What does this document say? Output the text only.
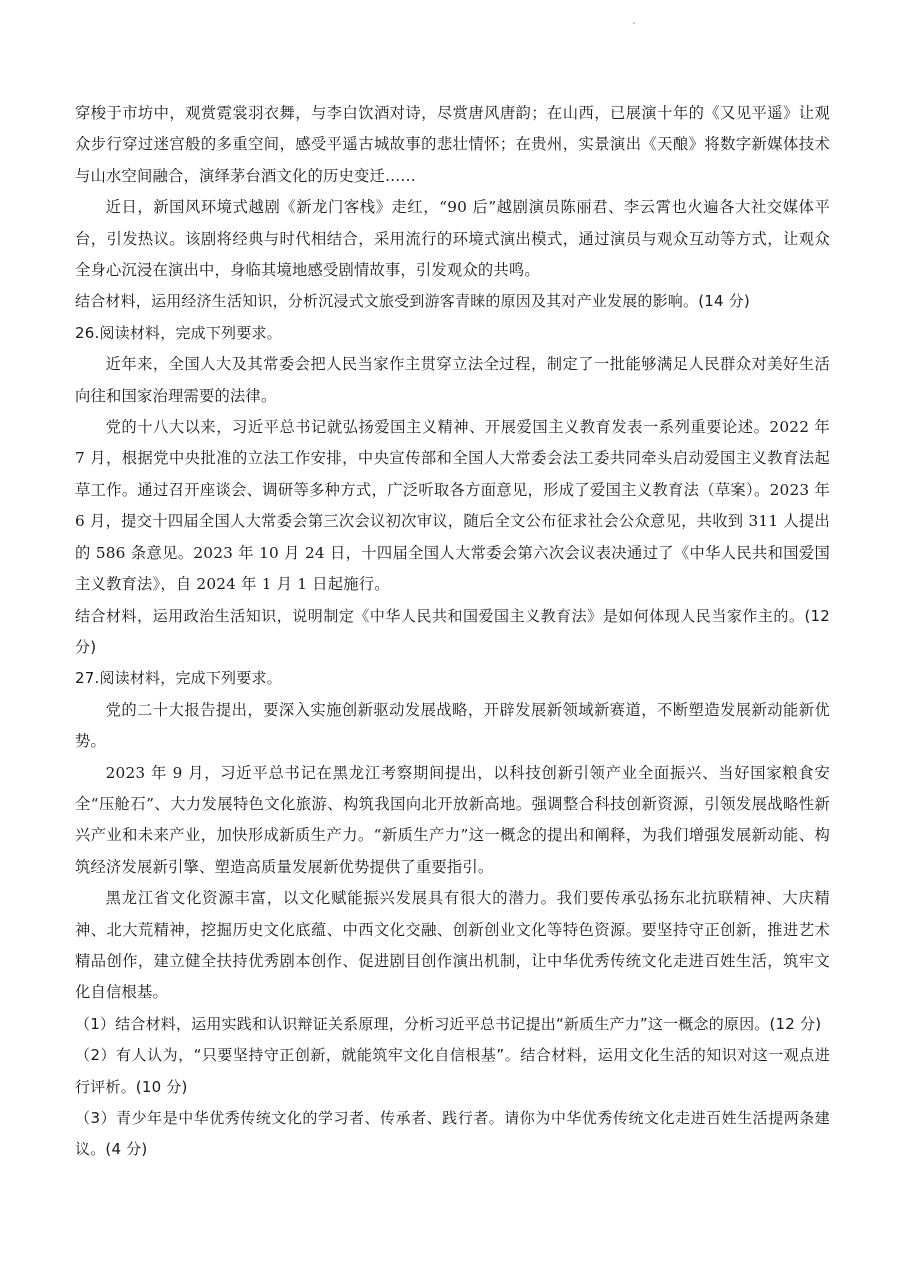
穿梭于市坊中，观赏霓裳羽衣舞，与李白饮酒对诗，尽赏唐风唐韵；在山西，已展演十年的《又见平遥》让观众步行穿过迷宫般的多重空间，感受平遥古城故事的悲壮情怀；在贵州，实景演出《天酿》将数字新媒体技术与山水空间融合，演绎茅台酒文化的历史变迁……

近日，新国风环境式越剧《新龙门客栈》走红，“90 后”越剧演员陈丽君、李云霄也火遍各大社交媒体平台，引发热议。该剧将经典与时代相结合，采用流行的环境式演出模式，通过演员与观众互动等方式，让观众全身心沉浸在演出中，身临其境地感受剧情故事，引发观众的共鸣。

结合材料，运用经济生活知识，分析沉浸式文旅受到游客青睐的原因及其对产业发展的影响。(14 分)

26.阅读材料，完成下列要求。

近年来，全国人大及其常委会把人民当家作主贯穿立法全过程，制定了一批能够满足人民群众对美好生活向往和国家治理需要的法律。

党的十八大以来，习近平总书记就弘扬爱国主义精神、开展爱国主义教育发表一系列重要论述。2022 年 7 月，根据党中央批准的立法工作安排，中央宣传部和全国人大常委会法工委共同牵头启动爱国主义教育法起草工作。通过召开座谈会、调研等多种方式，广泛听取各方面意见，形成了爱国主义教育法（草案）。2023 年 6 月，提交十四届全国人大常委会第三次会议初次审议，随后全文公布征求社会公众意见，共收到 311 人提出的 586 条意见。2023 年 10 月 24 日，十四届全国人大常委会第六次会议表决通过了《中华人民共和国爱国主义教育法》，自 2024 年 1 月 1 日起施行。

结合材料，运用政治生活知识，说明制定《中华人民共和国爱国主义教育法》是如何体现人民当家作主的。(12 分)

27.阅读材料，完成下列要求。

党的二十大报告提出，要深入实施创新驱动发展战略，开辟发展新领域新赛道，不断塑造发展新动能新优势。

2023 年 9 月，习近平总书记在黑龙江考察期间提出，以科技创新引领产业全面振兴、当好国家粮食安全“压舱石”、大力发展特色文化旅游、构筑我国向北开放新高地。强调整合科技创新资源，引领发展战略性新兴产业和未来产业，加快形成新质生产力。“新质生产力”这一概念的提出和阐释，为我们增强发展新动能、构筑经济发展新引擎、塑造高质量发展新优势提供了重要指引。

黑龙江省文化资源丰富，以文化赋能振兴发展具有很大的潜力。我们要传承弘扬东北抗联精神、大庆精神、北大荒精神，挖掘历史文化底蕴、中西文化交融、创新创业文化等特色资源。要坚持守正创新，推进艺术精品创作，建立健全扶持优秀剧本创作、促进剧目创作演出机制，让中华优秀传统文化走进百姓生活，筑牢文化自信根基。

（1）结合材料，运用实践和认识辩证关系原理，分析习近平总书记提出“新质生产力”这一概念的原因。(12 分)

（2）有人认为，“只要坚持守正创新，就能筑牢文化自信根基”。结合材料，运用文化生活的知识对这一观点进行评析。(10 分)

（3）青少年是中华优秀传统文化的学习者、传承者、践行者。请你为中华优秀传统文化走进百姓生活提两条建议。(4 分)
